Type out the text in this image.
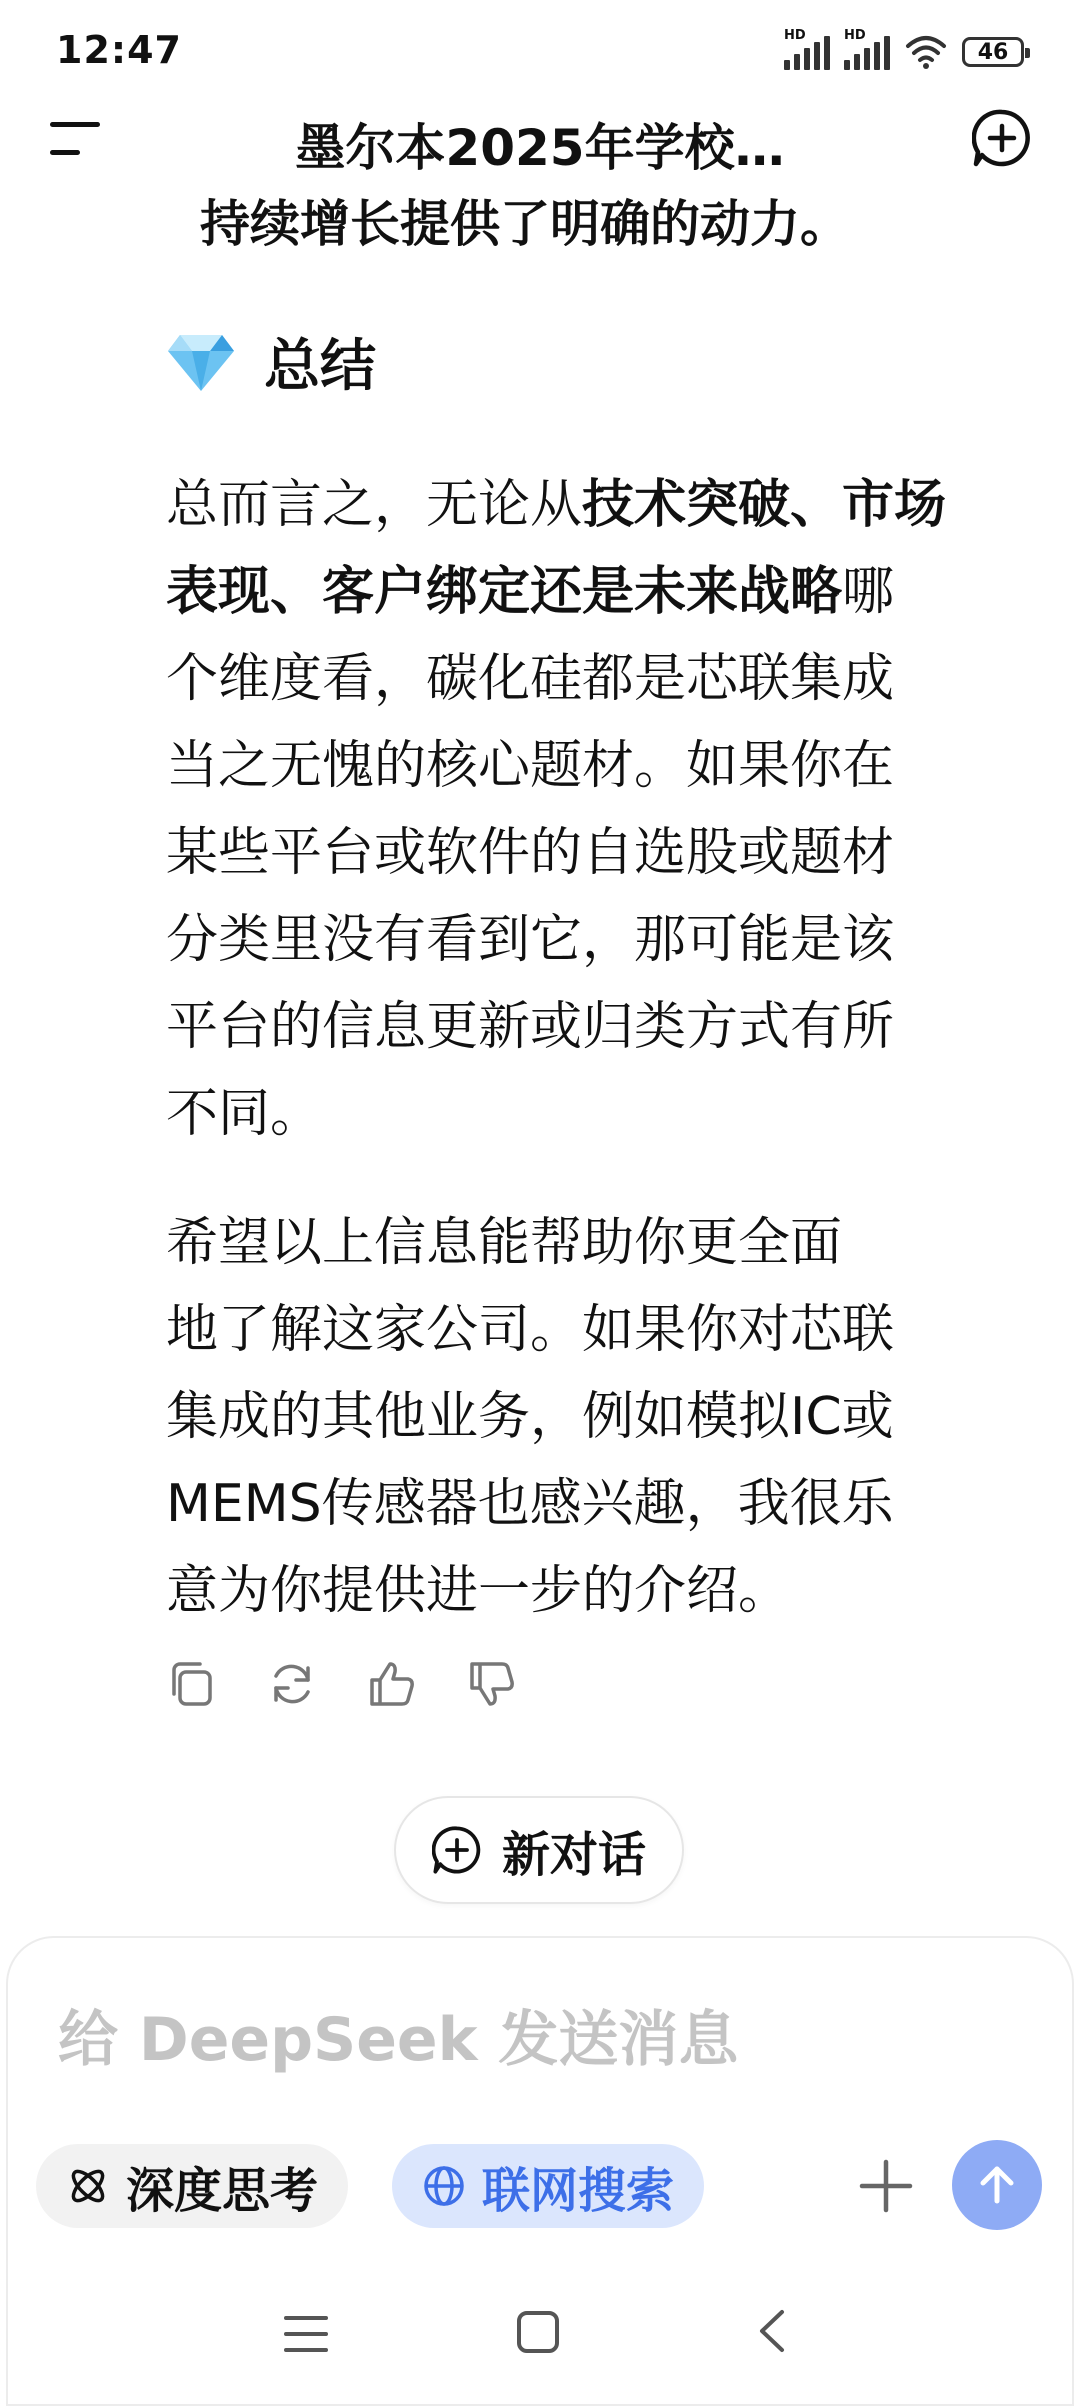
12:47	HD	HD
46
墨尔本2025年学校…
持续增长提供了明确的动力。
总结
总而言之，无论从技术突破、市场
表现、客户绑定还是未来战略哪
个维度看，碳化硅都是芯联集成
当之无愧的核心题材。如果你在
某些平台或软件的自选股或题材
分类里没有看到它，那可能是该
平台的信息更新或归类方式有所
不同。
希望以上信息能帮助你更全面
地了解这家公司。如果你对芯联
集成的其他业务，例如模拟IC或
MEMS传感器也感兴趣，我很乐
意为你提供进一步的介绍。
新对话
给 DeepSeek 发送消息
深度思考	联网搜索
